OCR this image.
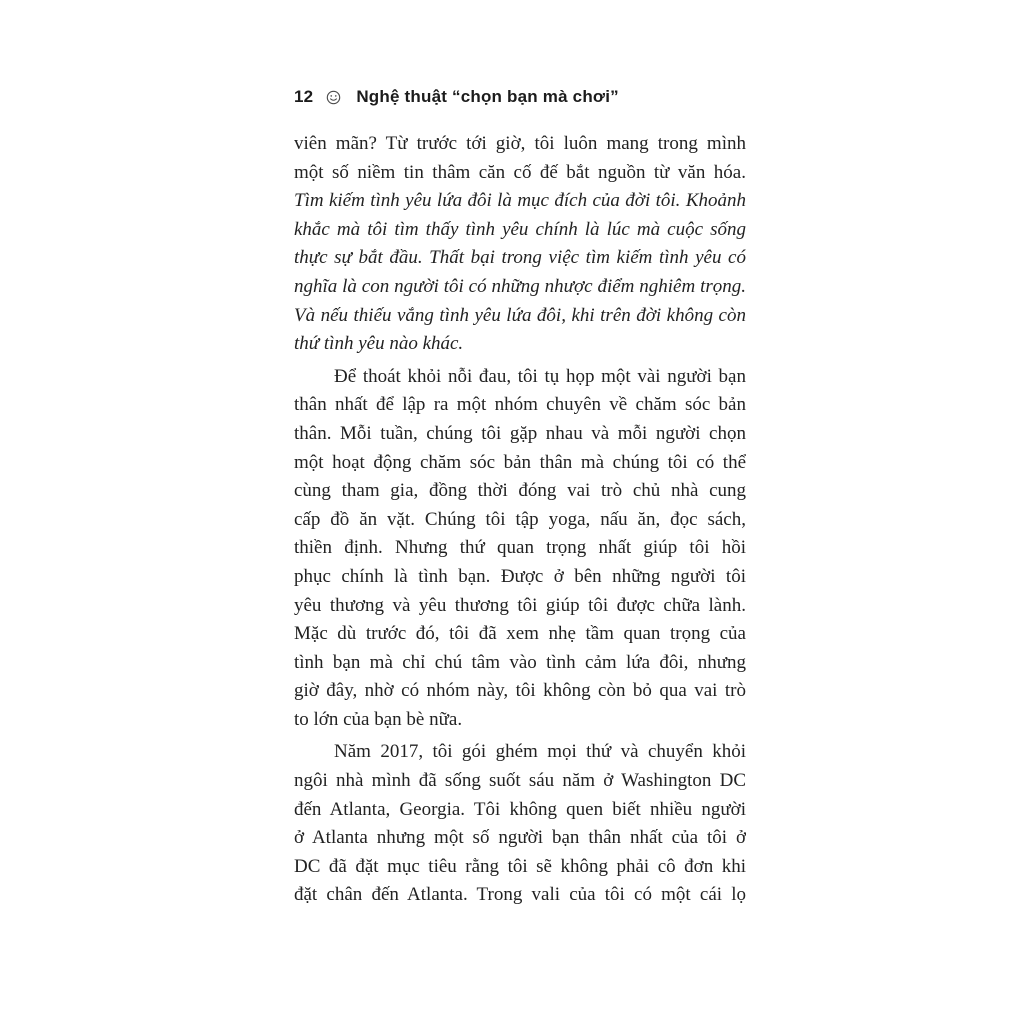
12	Nghệ thuật “chọn bạn mà chơi”
viên mãn? Từ trước tới giờ, tôi luôn mang trong mình
một số niềm tin thâm căn cố đế bắt nguồn từ văn hóa.
Tìm kiếm tình yêu lứa đôi là mục đích của đời tôi. Khoảnh
khắc mà tôi tìm thấy tình yêu chính là lúc mà cuộc sống
thực sự bắt đầu. Thất bại trong việc tìm kiếm tình yêu có
nghĩa là con người tôi có những nhược điểm nghiêm trọng.
Và nếu thiếu vắng tình yêu lứa đôi, khi trên đời không còn
thứ tình yêu nào khác.
Để thoát khỏi nỗi đau, tôi tụ họp một vài người bạn
thân nhất để lập ra một nhóm chuyên về chăm sóc bản
thân. Mỗi tuần, chúng tôi gặp nhau và mỗi người chọn
một hoạt động chăm sóc bản thân mà chúng tôi có thể
cùng tham gia, đồng thời đóng vai trò chủ nhà cung
cấp đồ ăn vặt. Chúng tôi tập yoga, nấu ăn, đọc sách,
thiền định. Nhưng thứ quan trọng nhất giúp tôi hồi
phục chính là tình bạn. Được ở bên những người tôi
yêu thương và yêu thương tôi giúp tôi được chữa lành.
Mặc dù trước đó, tôi đã xem nhẹ tầm quan trọng của
tình bạn mà chỉ chú tâm vào tình cảm lứa đôi, nhưng
giờ đây, nhờ có nhóm này, tôi không còn bỏ qua vai trò
to lớn của bạn bè nữa.
Năm 2017, tôi gói ghém mọi thứ và chuyển khỏi
ngôi nhà mình đã sống suốt sáu năm ở Washington DC
đến Atlanta, Georgia. Tôi không quen biết nhiều người
ở Atlanta nhưng một số người bạn thân nhất của tôi ở
DC đã đặt mục tiêu rằng tôi sẽ không phải cô đơn khi
đặt chân đến Atlanta. Trong vali của tôi có một cái lọ
